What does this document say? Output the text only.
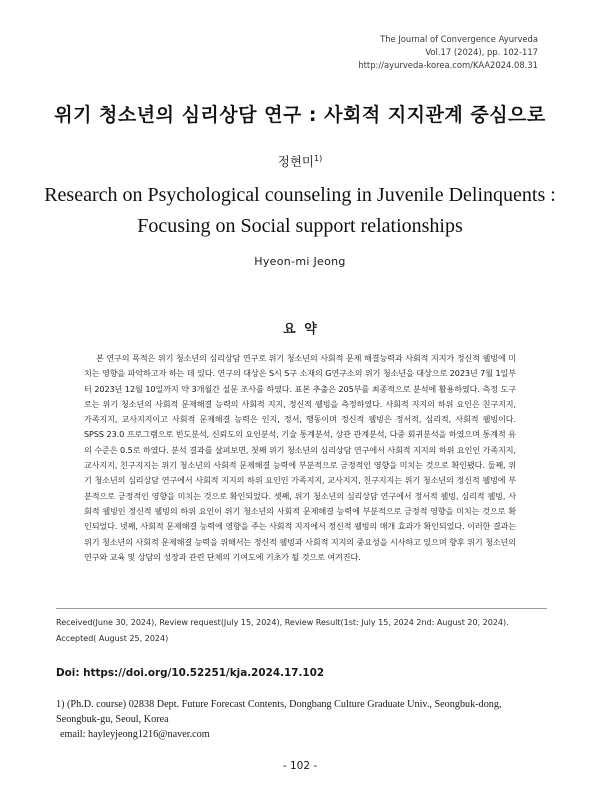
The Journal of Convergence Ayurveda
Vol.17 (2024), pp. 102-117
http://ayurveda-korea.com/KAA2024.08.31
위기 청소년의 심리상담 연구 : 사회적 지지관계 중심으로
정현미$^{1)}$
Research on Psychological counseling in Juvenile Delinquents :
Focusing on Social support relationships
Hyeon-mi Jeong
요 약
본 연구의 목적은 위기 청소년의 심리상담 연구로 위기 청소년의 사회적 문제 해결능력과 사회적 지지가 정신적 웰빙에 미치는 영향을 파악하고자 하는 데 있다. 연구의 대상은 S시 S구 소재의 G연구소의 위기 청소년을 대상으로 2023년 7월 1일부터 2023년 12월 10일까지 약 3개월간 설문 조사를 하였다. 표본 추출은 205부를 최종적으로 분석에 활용하였다. 측정 도구로는 위기 청소년의 사회적 문제해결 능력의 사회적 지지, 정신적 웰빙을 측정하였다. 사회적 지지의 하위 요인은 친구지지, 가족지지, 교사지지이고 사회적 문제해결 능력은 인지, 정서, 행동이며 정신적 웰빙은 정서적, 심리적, 사회적 웰빙이다. SPSS 23.0 프로그램으로 빈도분석, 신뢰도의 요인분석, 기술 통계분석, 상관 관계분석, 다중 회귀분석을 하였으며 통계적 유의 수준은 0.5로 하였다. 분석 결과를 살펴보면, 첫째 위기 청소년의 심리상담 연구에서 사회적 지지의 하위 요인인 가족지지, 교사지지, 친구지지는 위기 청소년의 사회적 문제해결 능력에 부분적으로 긍정적인 영향을 미치는 것으로 확인됐다. 둘째, 위기 청소년의 심리상담 연구에서 사회적 지지의 하위 요인인 가족지지, 교사지지, 친구지지는 위기 청소년의 정신적 웰빙에 부분적으로 긍정적인 영향을 미치는 것으로 확인되었다. 셋째, 위기 청소년의 심리상담 연구에서 정서적 웰빙, 심리적 웰빙, 사회적 웰빙인 정신적 웰빙의 하위 요인이 위기 청소년의 사회적 문제해결 능력에 부분적으로 긍정적 영향을 미치는 것으로 확인되었다. 넷째, 사회적 문제해결 능력에 영향을 주는 사회적 지지에서 정신적 웰빙의 매개 효과가 확인되었다. 이러한 결과는 위기 청소년의 사회적 문제해결 능력을 위해서는 정신적 웰빙과 사회적 지지의 중요성을 시사하고 있으며 향후 위기 청소년의 연구와 교육 및 상담의 성장과 관련 단체의 기여도에 기초가 될 것으로 여겨진다.
Received(June 30, 2024), Review request(July 15, 2024), Review Result(1st: July 15, 2024 2nd: August 20, 2024).
Accepted( August 25, 2024)
Doi: https://doi.org/10.52251/kja.2024.17.102
1) (Ph.D. course) 02838 Dept. Future Forecast Contents, Dongbang Culture Graduate Univ., Seongbuk-dong,
Seongbuk-gu, Seoul, Korea
email: hayleyjeong1216@naver.com
- 102 -
